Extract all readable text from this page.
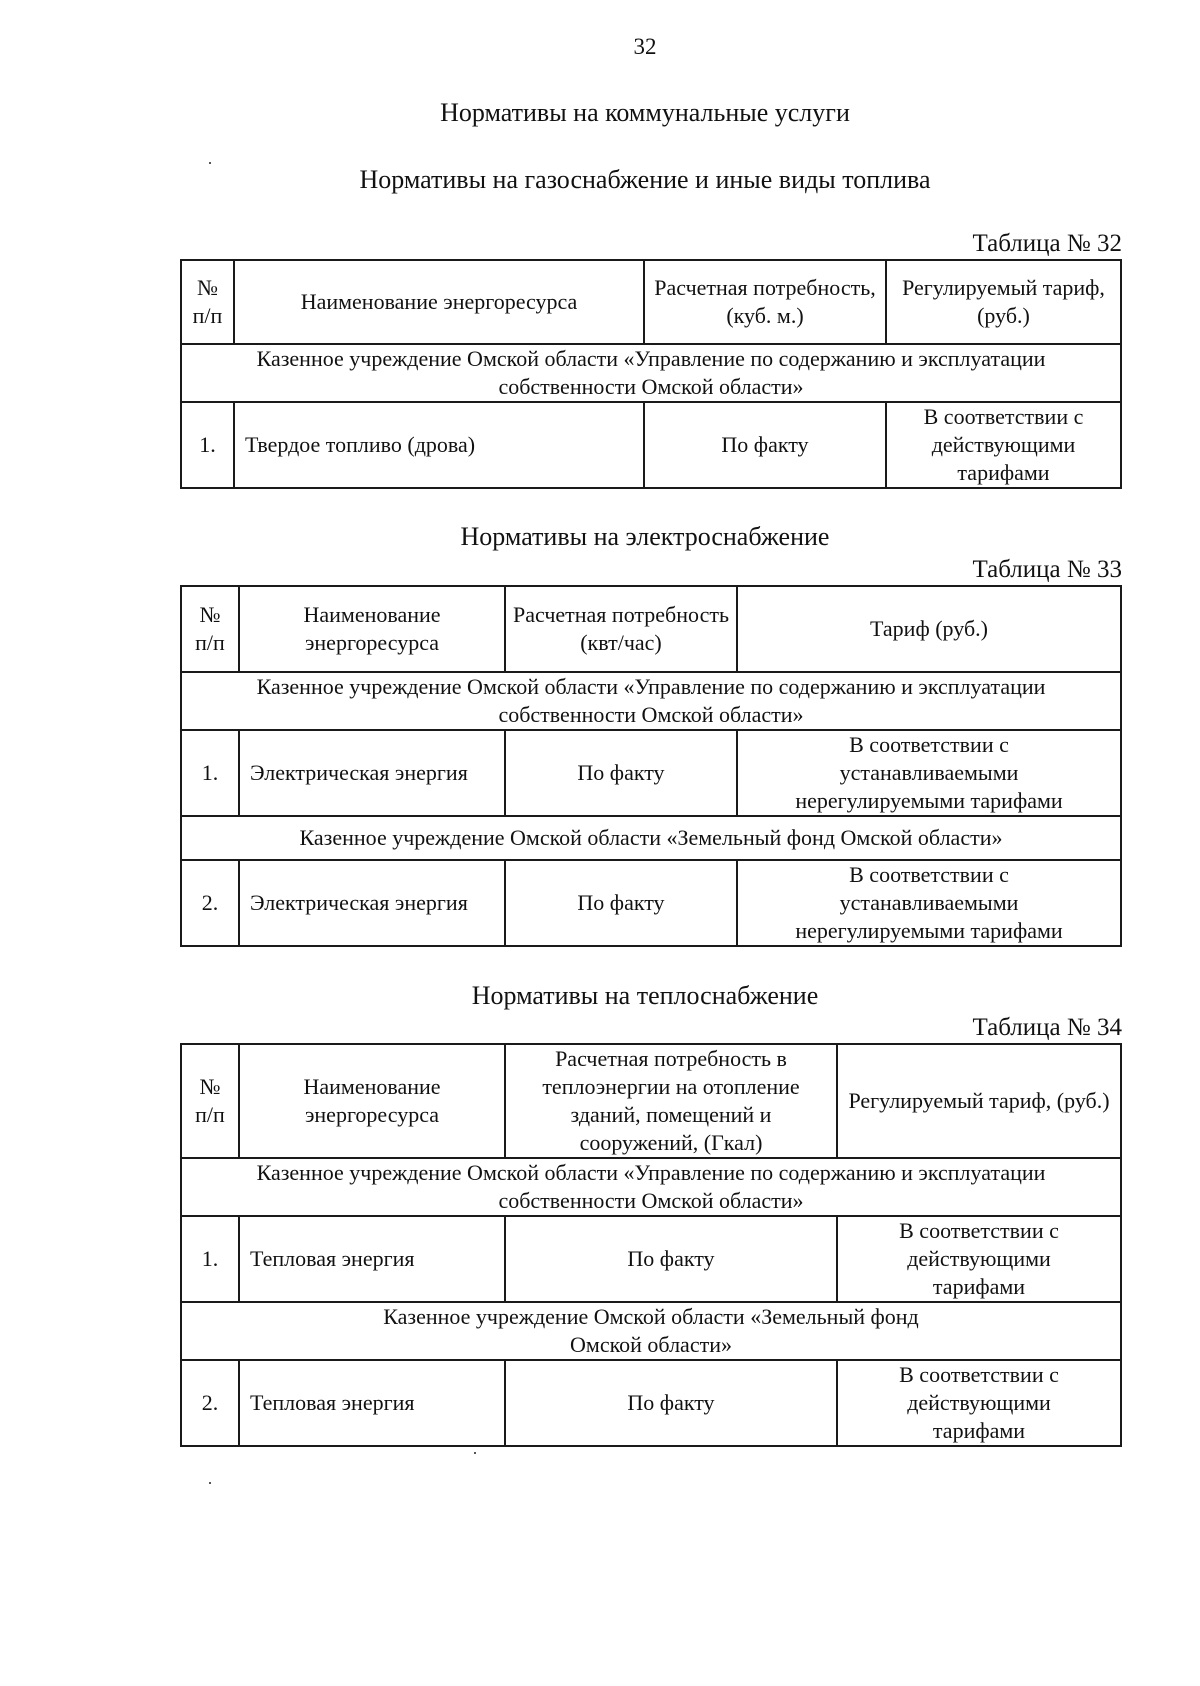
32
Нормативы на коммунальные услуги
Нормативы на газоснабжение и иные виды топлива
Таблица № 32
№ п/п	Наименование энергоресурса	Расчетная потребность, (куб. м.)	Регулируемый тариф, (руб.)
Казенное учреждение Омской области «Управление по содержанию и эксплуатации собственности Омской области»			
1.	Твердое топливо (дрова)	По факту	В соответствии с действующими тарифами
Нормативы на электроснабжение
Таблица № 33
№ п/п	Наименование энергоресурса	Расчетная потребность (квт/час)	Тариф (руб.)
Казенное учреждение Омской области «Управление по содержанию и эксплуатации собственности Омской области»			
1.	Электрическая энергия	По факту	В соответствии с устанавливаемыми нерегулируемыми тарифами
Казенное учреждение Омской области «Земельный фонд Омской области»			
2.	Электрическая энергия	По факту	В соответствии с устанавливаемыми нерегулируемыми тарифами
Нормативы на теплоснабжение
Таблица № 34
№ п/п	Наименование энергоресурса	Расчетная потребность в теплоэнергии на отопление зданий, помещений и сооружений, (Гкал)	Регулируемый тариф, (руб.)
Казенное учреждение Омской области «Управление по содержанию и эксплуатации собственности Омской области»			
1.	Тепловая энергия	По факту	В соответствии с действующими тарифами
Казенное учреждение Омской области «Земельный фонд Омской области»			
2.	Тепловая энергия	По факту	В соответствии с действующими тарифами
